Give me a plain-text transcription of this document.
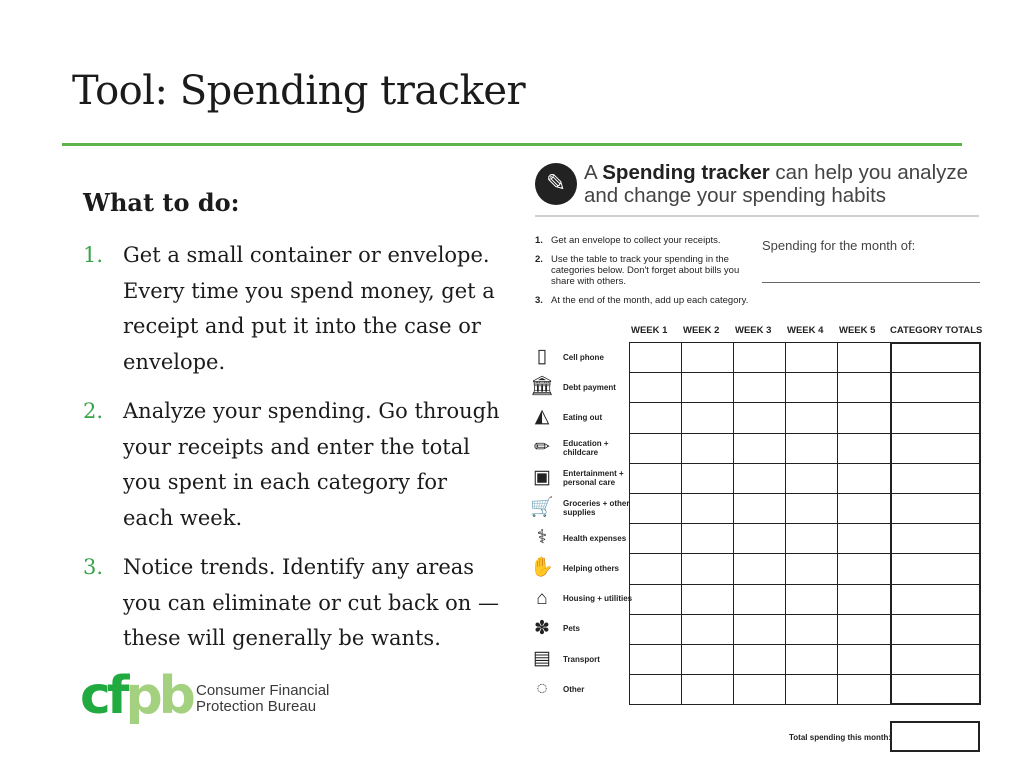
Tool: Spending tracker
What to do:
1. Get a small container or envelope. Every time you spend money, get a receipt and put it into the case or envelope.
2. Analyze your spending. Go through your receipts and enter the total you spent in each category for each week.
3. Notice trends. Identify any areas you can eliminate or cut back on —these will generally be wants.
cfpb Consumer Financial
Protection Bureau
✎ A Spending tracker can help you analyze and change your spending habits
1. Get an envelope to collect your receipts.
2. Use the table to track your spending in the categories below. Don't forget about bills you share with others.
3. At the end of the month, add up each category.
Spending for the month of:
WEEK 1 WEEK 2 WEEK 3 WEEK 4 WEEK 5 CATEGORY TOTALS
▯	Cell phone
🏛 Debt payment
◭	Eating out
✏	Education + childcare
▣	Entertainment + personal care
🛒 Groceries + other supplies
⚕	Health expenses
✋ Helping others
⌂	Housing + utilities
✽	Pets
▤	Transport
◌	Other
Total spending this month:
